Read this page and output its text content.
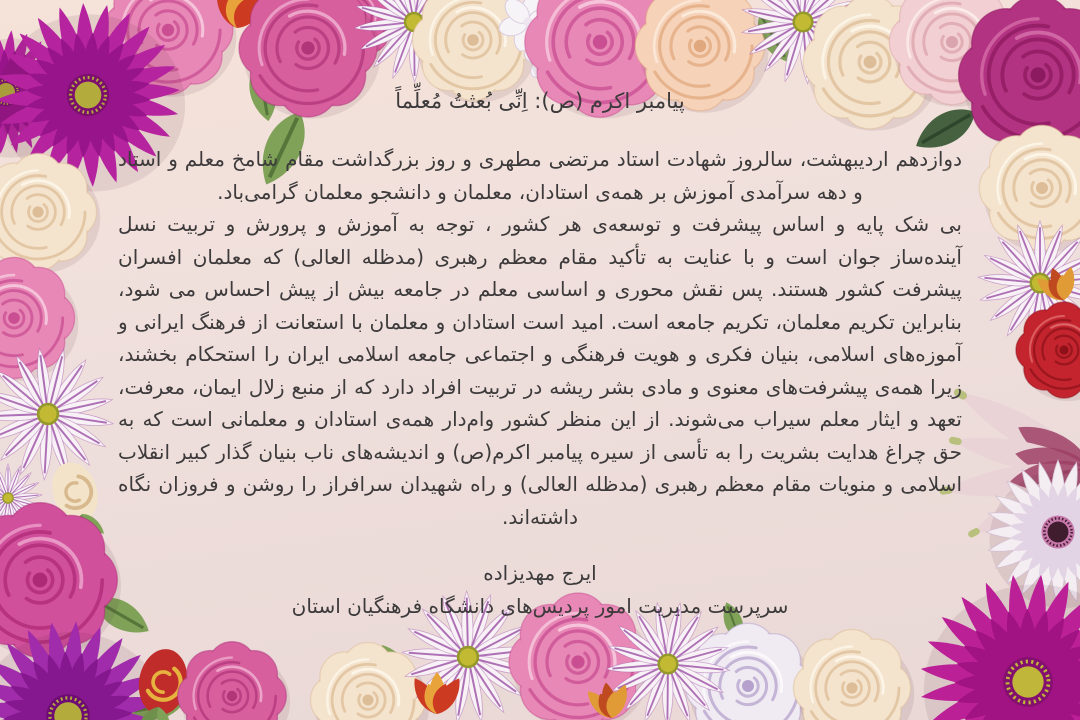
پیامبر اکرم (ص): اِنِّی بُعثتُ مُعلِّماً

دوازدهم اردیبهشت، سالروز شهادت استاد مرتضی مطهری و روز بزرگداشت مقام شامخ معلم و استاد و دهه سرآمدی آموزش بر همه‌ی استادان، معلمان و دانشجو معلمان گرامی‌باد.

بی شک پایه و اساس پیشرفت و توسعه‌ی هر کشور ، توجه به آموزش و پرورش و تربیت نسل آینده‌ساز جوان است و با عنایت به تأکید مقام معظم رهبری (مدظله العالی) که معلمان افسران پیشرفت کشور هستند. پس نقش محوری و اساسی معلم در جامعه بیش از پیش احساس می شود، بنابراین تکریم معلمان، تکریم جامعه است. امید است استادان و معلمان با استعانت از فرهنگ ایرانی و آموزه‌های اسلامی، بنیان فکری و هویت فرهنگی و اجتماعی جامعه اسلامی ایران را استحکام بخشند، زیرا همه‌ی پیشرفت‌های معنوی و مادی بشر ریشه در تربیت افراد دارد که از منبع زلال ایمان، معرفت، تعهد و ایثار معلم سیراب می‌شوند. از این منظر کشور وام‌دار همه‌ی استادان و معلمانی است که به حق چراغ هدایت بشریت را به تأسی از سیره پیامبر اکرم(ص) و اندیشه‌های ناب بنیان گذار کبیر انقلاب اسلامی و منویات مقام معظم رهبری (مدظله العالی) و راه شهیدان سرافراز را روشن و فروزان نگاه داشته‌اند.

ایرج مهدیزاده
سرپرست مدیریت امور پردیس‌های دانشگاه فرهنگیان استان
